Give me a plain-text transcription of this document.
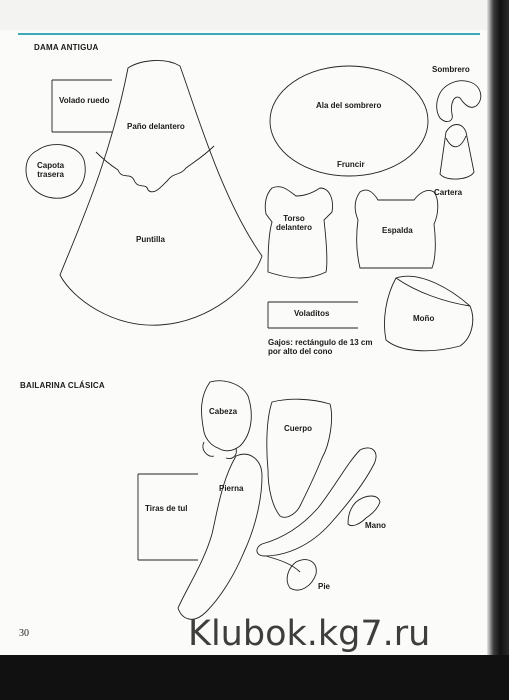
DAMA ANTIGUA
BAILARINA CLÁSICA
Volado ruedo
Paño delantero
Capota
trasera
Puntilla
Ala del sombrero
Fruncir
Sombrero
Cartera
Torso
delantero	Espalda
Voladitos
Gajos: rectángulo de 13 cm
por alto del cono
Moño
Cabeza
Cuerpo
Pierna
Tiras de tul
Mano
Pie
30	Klubok.kg7.ru
